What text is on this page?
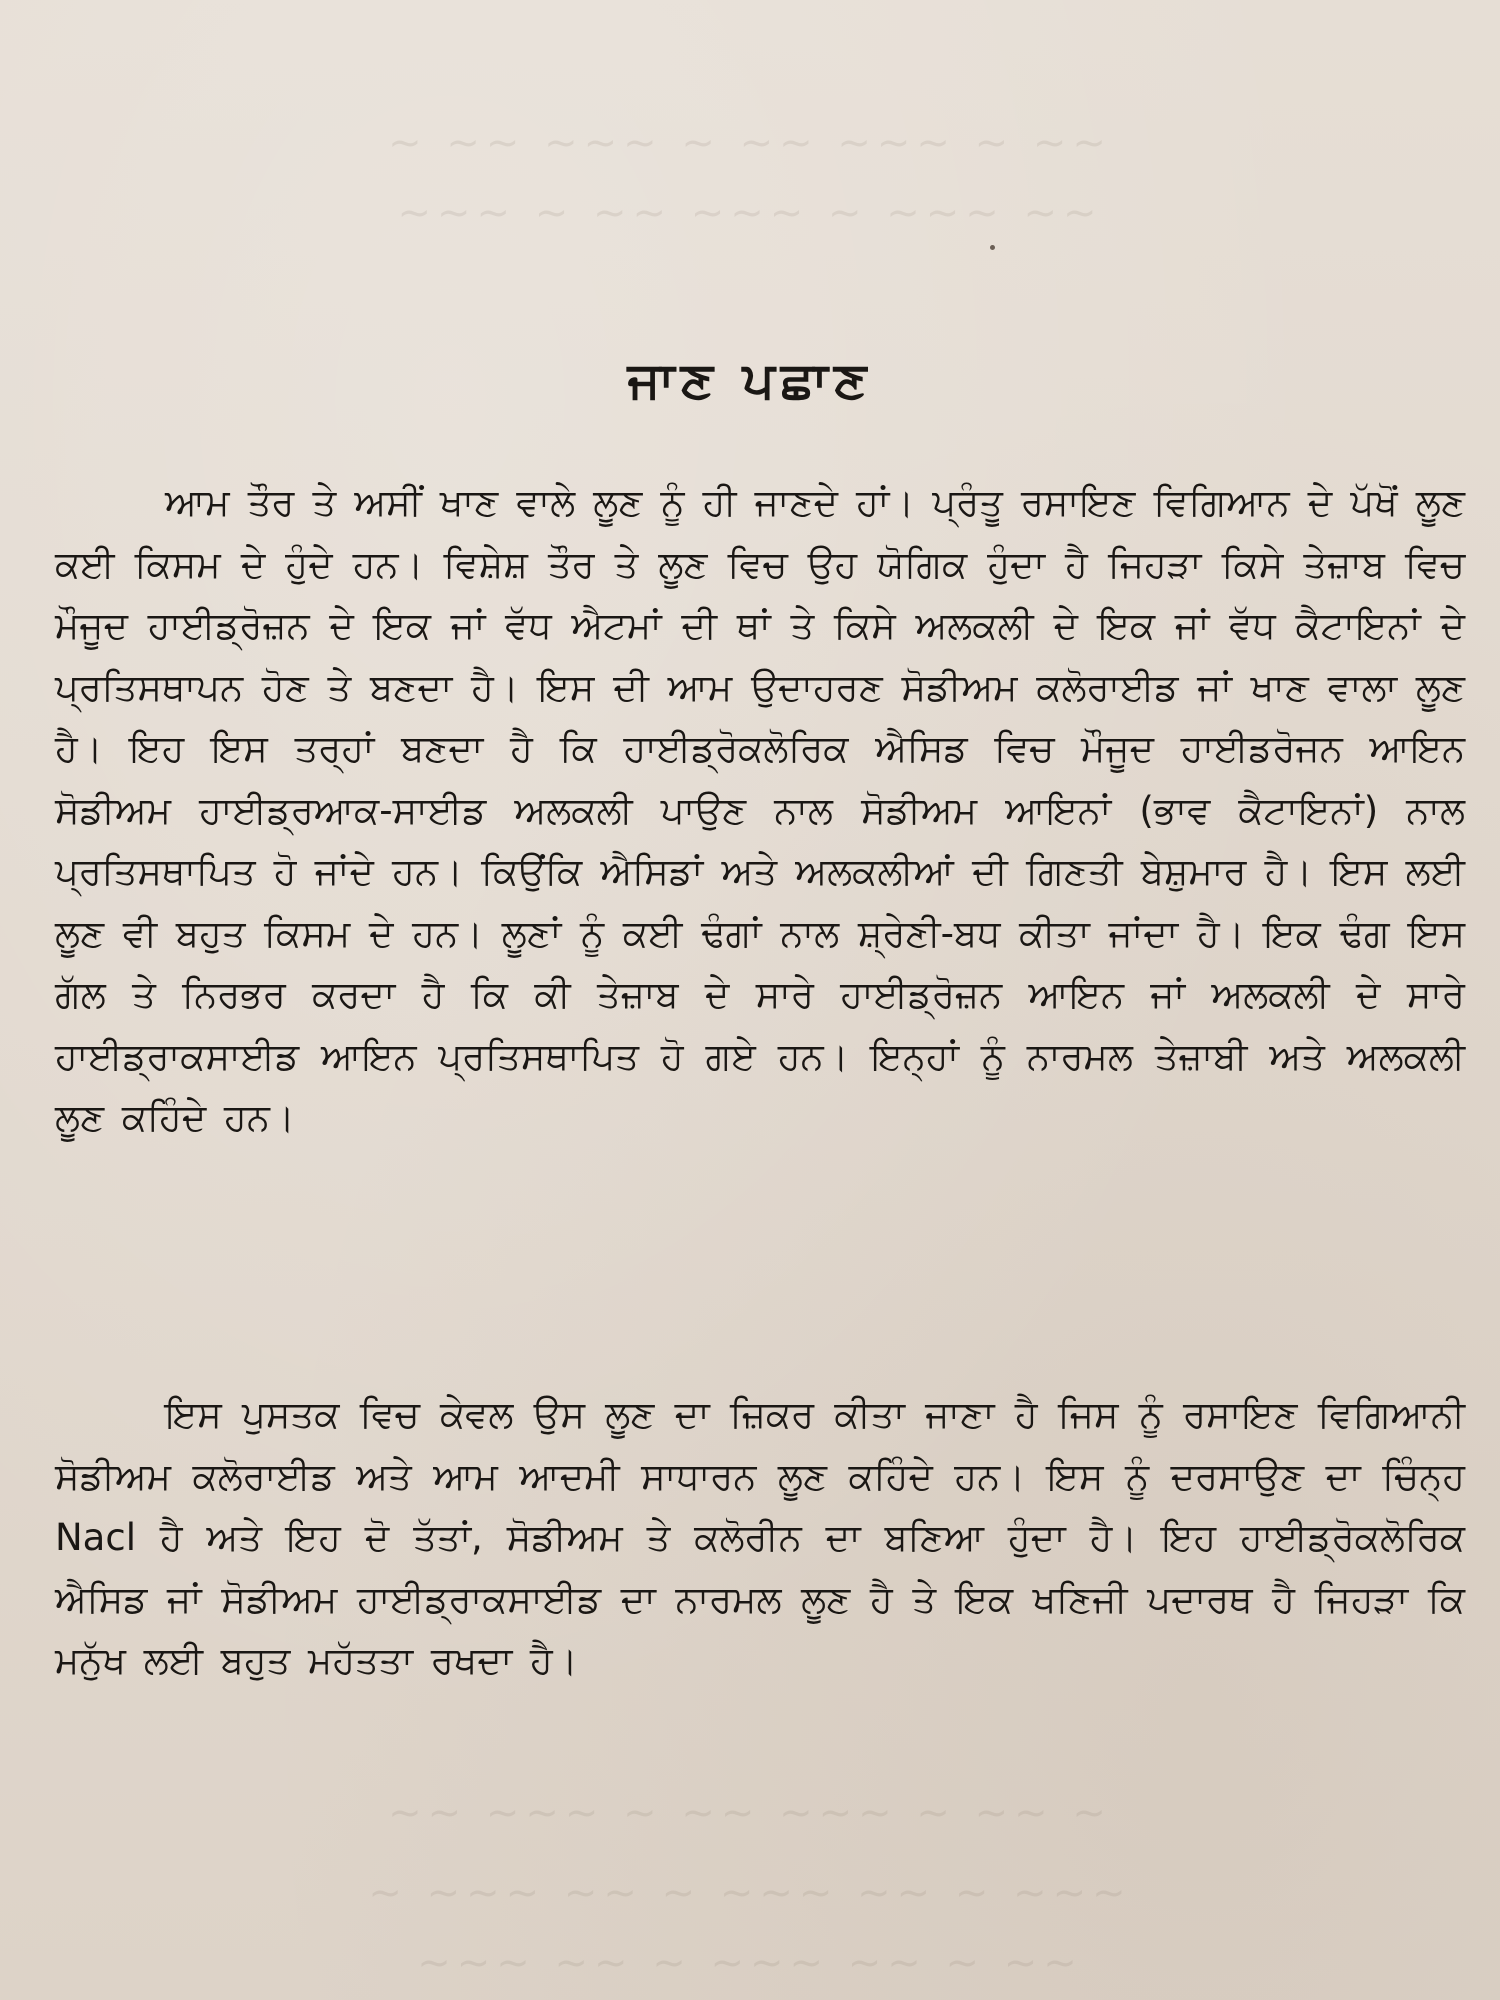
~ ~~ ~~~ ~ ~~ ~~~ ~ ~~
~~~ ~ ~~ ~~~ ~ ~~~ ~~
~~ ~~~ ~ ~~ ~~~ ~ ~~ ~
~ ~~~ ~~ ~ ~~~ ~~ ~ ~~~
~~~ ~~ ~ ~~~ ~~ ~ ~~
ਜਾਣ ਪਛਾਣ

ਆਮ ਤੌਰ ਤੇ ਅਸੀਂ ਖਾਣ ਵਾਲੇ ਲੂਣ ਨੂੰ ਹੀ ਜਾਣਦੇ ਹਾਂ। ਪ੍ਰੰਤੂ ਰਸਾਇਣ ਵਿਗਿਆਨ ਦੇ ਪੱਖੋਂ ਲੂਣ ਕਈ ਕਿਸਮ ਦੇ ਹੁੰਦੇ ਹਨ। ਵਿਸ਼ੇਸ਼ ਤੌਰ ਤੇ ਲੂਣ ਵਿਚ ਉਹ ਯੋਗਿਕ ਹੁੰਦਾ ਹੈ ਜਿਹੜਾ ਕਿਸੇ ਤੇਜ਼ਾਬ ਵਿਚ ਮੌਜੂਦ ਹਾਈਡ੍ਰੋਜ਼ਨ ਦੇ ਇਕ ਜਾਂ ਵੱਧ ਐਟਮਾਂ ਦੀ ਥਾਂ ਤੇ ਕਿਸੇ ਅਲਕਲੀ ਦੇ ਇਕ ਜਾਂ ਵੱਧ ਕੈਟਾਇਨਾਂ ਦੇ ਪ੍ਰਤਿਸਥਾਪਨ ਹੋਣ ਤੇ ਬਣਦਾ ਹੈ। ਇਸ ਦੀ ਆਮ ਉਦਾਹਰਣ ਸੋਡੀਅਮ ਕਲੋਰਾਈਡ ਜਾਂ ਖਾਣ ਵਾਲਾ ਲੂਣ ਹੈ। ਇਹ ਇਸ ਤਰ੍ਹਾਂ ਬਣਦਾ ਹੈ ਕਿ ਹਾਈਡ੍ਰੋਕਲੋਰਿਕ ਐਸਿਡ ਵਿਚ ਮੌਜੂਦ ਹਾਈਡਰੋਜਨ ਆਇਨ ਸੋਡੀਅਮ ਹਾਈਡ੍ਰਆਕ-ਸਾਈਡ ਅਲਕਲੀ ਪਾਉਣ ਨਾਲ ਸੋਡੀਅਮ ਆਇਨਾਂ (ਭਾਵ ਕੈਟਾਇਨਾਂ) ਨਾਲ ਪ੍ਰਤਿਸਥਾਪਿਤ ਹੋ ਜਾਂਦੇ ਹਨ। ਕਿਉਂਕਿ ਐਸਿਡਾਂ ਅਤੇ ਅਲਕਲੀਆਂ ਦੀ ਗਿਣਤੀ ਬੇਸ਼ੁਮਾਰ ਹੈ। ਇਸ ਲਈ ਲੂਣ ਵੀ ਬਹੁਤ ਕਿਸਮ ਦੇ ਹਨ। ਲੂਣਾਂ ਨੂੰ ਕਈ ਢੰਗਾਂ ਨਾਲ ਸ਼੍ਰੇਣੀ-ਬਧ ਕੀਤਾ ਜਾਂਦਾ ਹੈ। ਇਕ ਢੰਗ ਇਸ ਗੱਲ ਤੇ ਨਿਰਭਰ ਕਰਦਾ ਹੈ ਕਿ ਕੀ ਤੇਜ਼ਾਬ ਦੇ ਸਾਰੇ ਹਾਈਡ੍ਰੋਜ਼ਨ ਆਇਨ ਜਾਂ ਅਲਕਲੀ ਦੇ ਸਾਰੇ ਹਾਈਡ੍ਰਾਕਸਾਈਡ ਆਇਨ ਪ੍ਰਤਿਸਥਾਪਿਤ ਹੋ ਗਏ ਹਨ। ਇਨ੍ਹਾਂ ਨੂੰ ਨਾਰਮਲ ਤੇਜ਼ਾਬੀ ਅਤੇ ਅਲਕਲੀ ਲੂਣ ਕਹਿੰਦੇ ਹਨ।

ਇਸ ਪੁਸਤਕ ਵਿਚ ਕੇਵਲ ਉਸ ਲੂਣ ਦਾ ਜ਼ਿਕਰ ਕੀਤਾ ਜਾਣਾ ਹੈ ਜਿਸ ਨੂੰ ਰਸਾਇਣ ਵਿਗਿਆਨੀ ਸੋਡੀਅਮ ਕਲੋਰਾਈਡ ਅਤੇ ਆਮ ਆਦਮੀ ਸਾਧਾਰਨ ਲੂਣ ਕਹਿੰਦੇ ਹਨ। ਇਸ ਨੂੰ ਦਰਸਾਉਣ ਦਾ ਚਿੰਨ੍ਹ Nacl ਹੈ ਅਤੇ ਇਹ ਦੋ ਤੱਤਾਂ, ਸੋਡੀਅਮ ਤੇ ਕਲੋਰੀਨ ਦਾ ਬਣਿਆ ਹੁੰਦਾ ਹੈ। ਇਹ ਹਾਈਡ੍ਰੋਕਲੋਰਿਕ ਐਸਿਡ ਜਾਂ ਸੋਡੀਅਮ ਹਾਈਡ੍ਰਾਕਸਾਈਡ ਦਾ ਨਾਰਮਲ ਲੂਣ ਹੈ ਤੇ ਇਕ ਖਣਿਜੀ ਪਦਾਰਥ ਹੈ ਜਿਹੜਾ ਕਿ ਮਨੁੱਖ ਲਈ ਬਹੁਤ ਮਹੱਤਤਾ ਰਖਦਾ ਹੈ।
